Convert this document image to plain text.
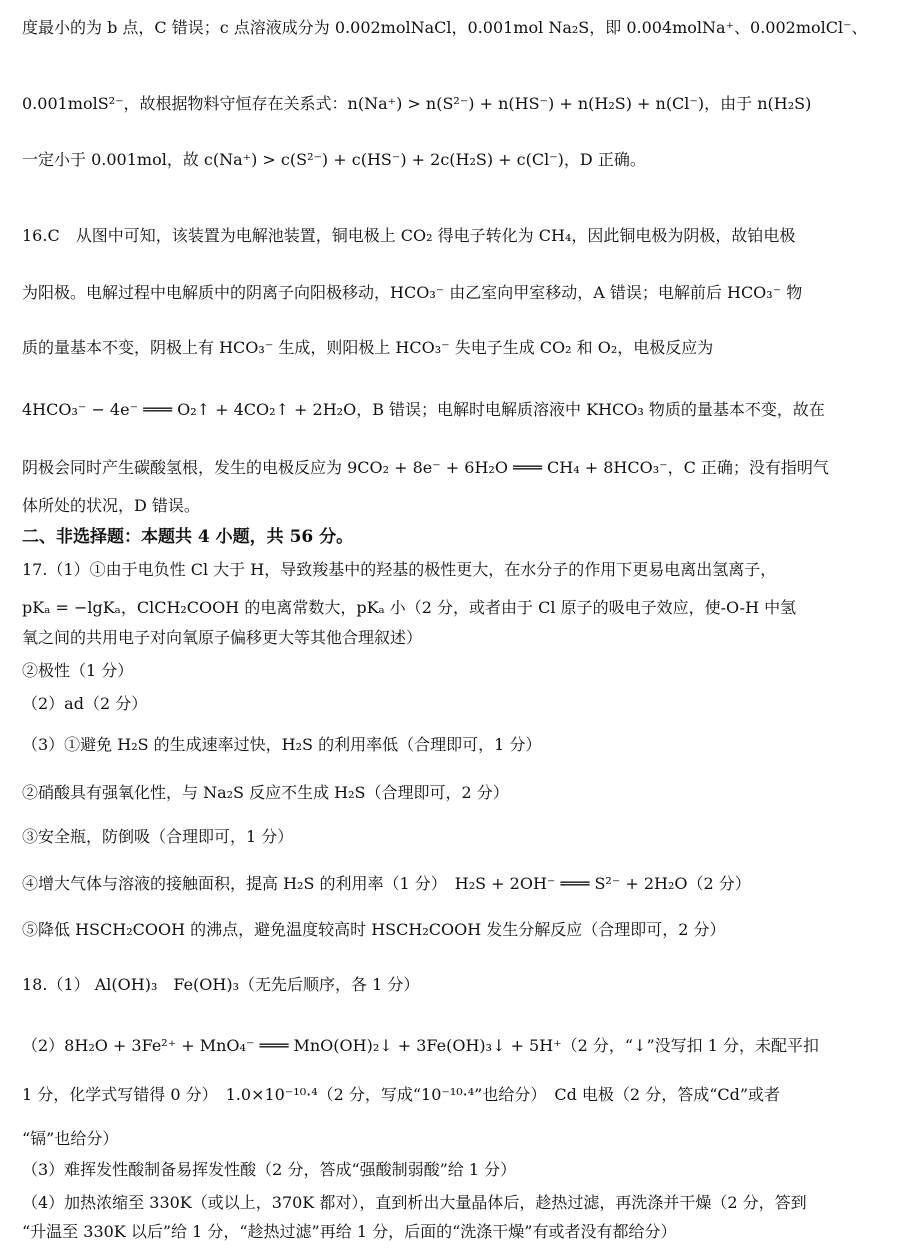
度最小的为 b 点，C 错误；c 点溶液成分为 0.002molNaCl，0.001mol Na₂S，即 0.004molNa⁺、0.002molCl⁻、
0.001molS²⁻，故根据物料守恒存在关系式：n(Na⁺) > n(S²⁻) + n(HS⁻) + n(H₂S) + n(Cl⁻)，由于 n(H₂S)
一定小于 0.001mol，故 c(Na⁺) > c(S²⁻) + c(HS⁻) + 2c(H₂S) + c(Cl⁻)，D 正确。
16.C　从图中可知，该装置为电解池装置，铜电极上 CO₂ 得电子转化为 CH₄，因此铜电极为阴极，故铂电极
为阳极。电解过程中电解质中的阴离子向阳极移动，HCO₃⁻ 由乙室向甲室移动，A 错误；电解前后 HCO₃⁻ 物
质的量基本不变，阴极上有 HCO₃⁻ 生成，则阳极上 HCO₃⁻ 失电子生成 CO₂ 和 O₂，电极反应为
4HCO₃⁻ − 4e⁻ ═══ O₂↑ + 4CO₂↑ + 2H₂O，B 错误；电解时电解质溶液中 KHCO₃ 物质的量基本不变，故在
阴极会同时产生碳酸氢根，发生的电极反应为 9CO₂ + 8e⁻ + 6H₂O ═══ CH₄ + 8HCO₃⁻，C 正确；没有指明气
体所处的状况，D 错误。
二、非选择题：本题共 4 小题，共 56 分。
17.（1）①由于电负性 Cl 大于 H，导致羧基中的羟基的极性更大，在水分子的作用下更易电离出氢离子，
pKₐ = −lgKₐ，ClCH₂COOH 的电离常数大，pKₐ 小（2 分，或者由于 Cl 原子的吸电子效应，使-O-H 中氢
氧之间的共用电子对向氧原子偏移更大等其他合理叙述）
②极性（1 分）
（2）ad（2 分）
（3）①避免 H₂S 的生成速率过快，H₂S 的利用率低（合理即可，1 分）
②硝酸具有强氧化性，与 Na₂S 反应不生成 H₂S（合理即可，2 分）
③安全瓶，防倒吸（合理即可，1 分）
④增大气体与溶液的接触面积，提高 H₂S 的利用率（1 分）　H₂S + 2OH⁻ ═══ S²⁻ + 2H₂O（2 分）
⑤降低 HSCH₂COOH 的沸点，避免温度较高时 HSCH₂COOH 发生分解反应（合理即可，2 分）
18.（1） Al(OH)₃　Fe(OH)₃（无先后顺序，各 1 分）
（2）8H₂O + 3Fe²⁺ + MnO₄⁻ ═══ MnO(OH)₂↓ + 3Fe(OH)₃↓ + 5H⁺（2 分，“↓”没写扣 1 分，未配平扣
1 分，化学式写错得 0 分）　1.0×10⁻¹⁰·⁴（2 分，写成“10⁻¹⁰·⁴”也给分）　Cd 电极（2 分，答成“Cd”或者
“镉”也给分）
（3）难挥发性酸制备易挥发性酸（2 分，答成“强酸制弱酸”给 1 分）
（4）加热浓缩至 330K（或以上，370K 都对），直到析出大量晶体后，趁热过滤，再洗涤并干燥（2 分，答到
“升温至 330K 以后”给 1 分，“趁热过滤”再给 1 分，后面的“洗涤干燥”有或者没有都给分）
